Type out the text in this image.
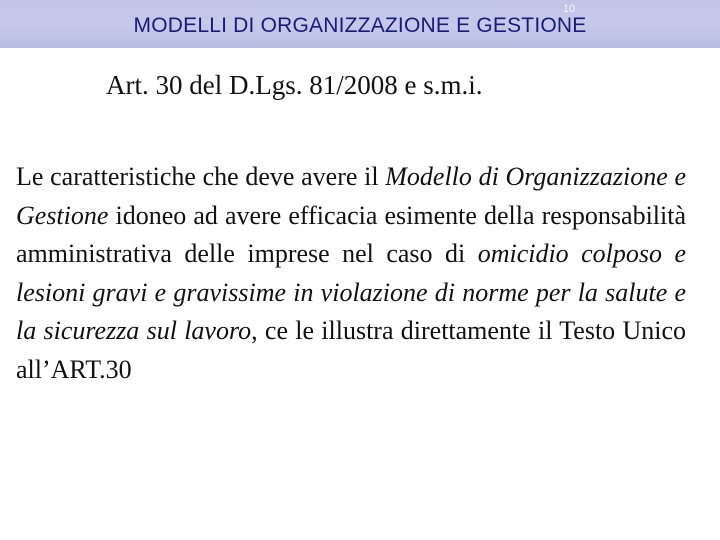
MODELLI DI ORGANIZZAZIONE E GESTIONE
10
Art. 30 del D.Lgs. 81/2008 e s.m.i.

Le caratteristiche che deve avere il Modello di Organizzazione e Gestione idoneo ad avere efficacia esimente della responsabilità amministrativa delle imprese nel caso di omicidio colposo e lesioni gravi e gravissime in violazione di norme per la salute e la sicurezza sul lavoro, ce le illustra direttamente il Testo Unico all’ART.30
